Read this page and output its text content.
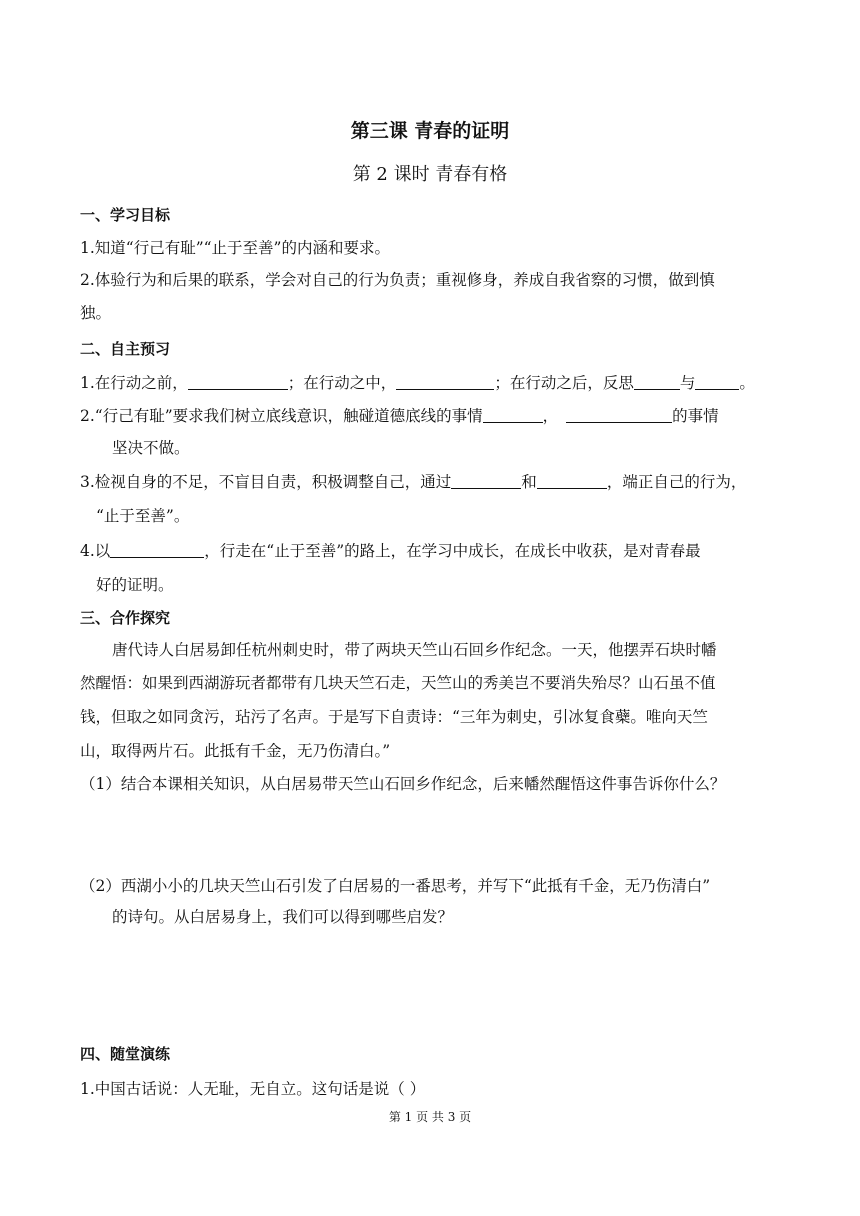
第三课 青春的证明
第 2 课时 青春有格
一、学习目标
1.知道“行己有耻”“止于至善”的内涵和要求。
2.体验行为和后果的联系，学会对自己的行为负责；重视修身，养成自我省察的习惯，做到慎
独。
二、自主预习
1.在行动之前，	；在行动之中，	；在行动之后，反思	与	。
2.“行己有耻”要求我们树立底线意识，触碰道德底线的事情	，	的事情
坚决不做。
3.检视自身的不足，不盲目自责，积极调整自己，通过	和	，端正自己的行为，
“止于至善”。
4.以	，行走在“止于至善”的路上，在学习中成长，在成长中收获，是对青春最
好的证明。
三、合作探究
唐代诗人白居易卸任杭州刺史时，带了两块天竺山石回乡作纪念。一天，他摆弄石块时幡
然醒悟：如果到西湖游玩者都带有几块天竺石走，天竺山的秀美岂不要消失殆尽？山石虽不值
钱，但取之如同贪污，玷污了名声。于是写下自责诗：“三年为刺史，引冰复食蘗。唯向天竺
山，取得两片石。此抵有千金，无乃伤清白。”
（1）结合本课相关知识，从白居易带天竺山石回乡作纪念，后来幡然醒悟这件事告诉你什么？
（2）西湖小小的几块天竺山石引发了白居易的一番思考，并写下“此抵有千金，无乃伤清白”
的诗句。从白居易身上，我们可以得到哪些启发？
四、随堂演练
1.中国古话说：人无耻，无自立。这句话是说（ ）
第 1 页 共 3 页
